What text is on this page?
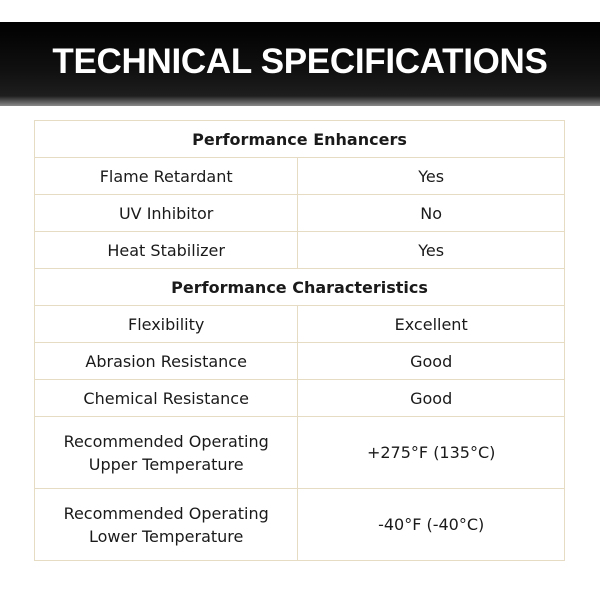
TECHNICAL SPECIFICATIONS
Performance Enhancers	
Flame Retardant	Yes
UV Inhibitor	No
Heat Stabilizer	Yes
Performance Characteristics	
Flexibility	Excellent
Abrasion Resistance	Good
Chemical Resistance	Good
Recommended Operating Upper Temperature	+275°F (135°C)
Recommended Operating Lower Temperature	-40°F (-40°C)
